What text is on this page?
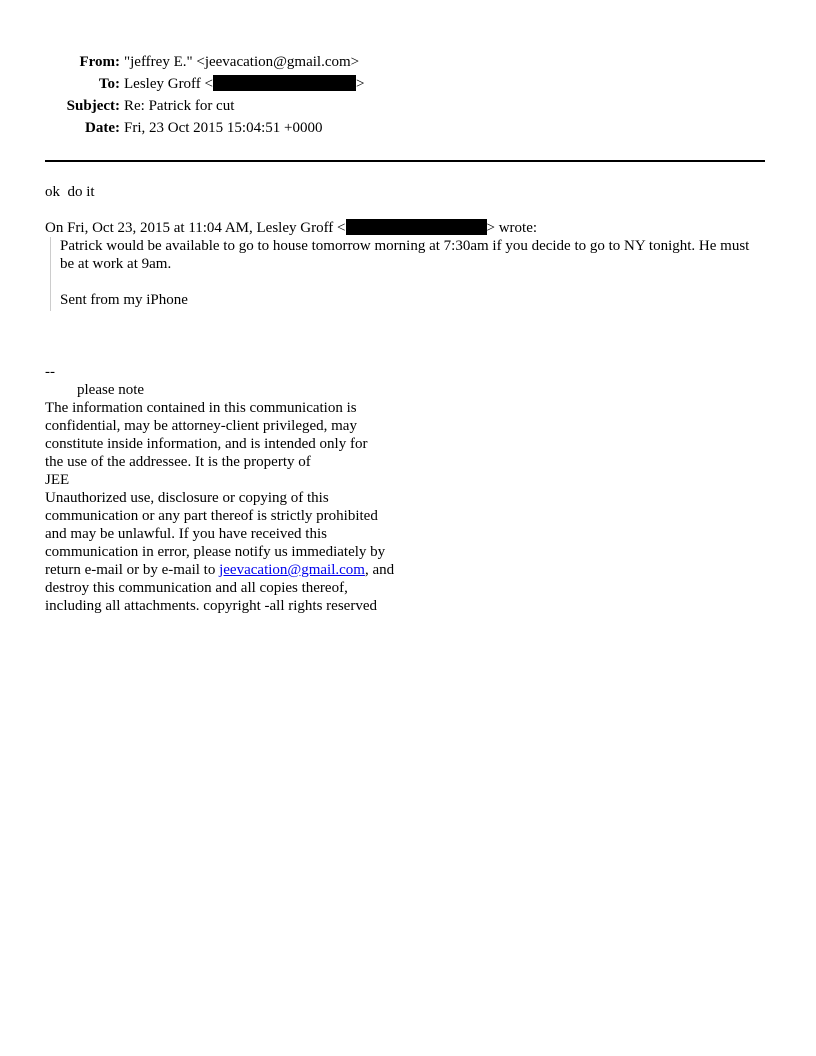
From: "jeffrey E." <jeevacation@gmail.com>
To: Lesley Groff <	>
Subject: Re: Patrick for cut
Date: Fri, 23 Oct 2015 15:04:51 +0000
ok  do it
On Fri, Oct 23, 2015 at 11:04 AM, Lesley Groff <	> wrote:

Patrick would be available to go to house tomorrow morning at 7:30am if you decide to go to NY tonight. He must be at work at 9am.

Sent from my iPhone

--
please note
The information contained in this communication is
confidential, may be attorney-client privileged, may
constitute inside information, and is intended only for
the use of the addressee. It is the property of
JEE
Unauthorized use, disclosure or copying of this
communication or any part thereof is strictly prohibited
and may be unlawful. If you have received this
communication in error, please notify us immediately by
return e-mail or by e-mail to jeevacation@gmail.com, and
destroy this communication and all copies thereof,
including all attachments. copyright -all rights reserved
